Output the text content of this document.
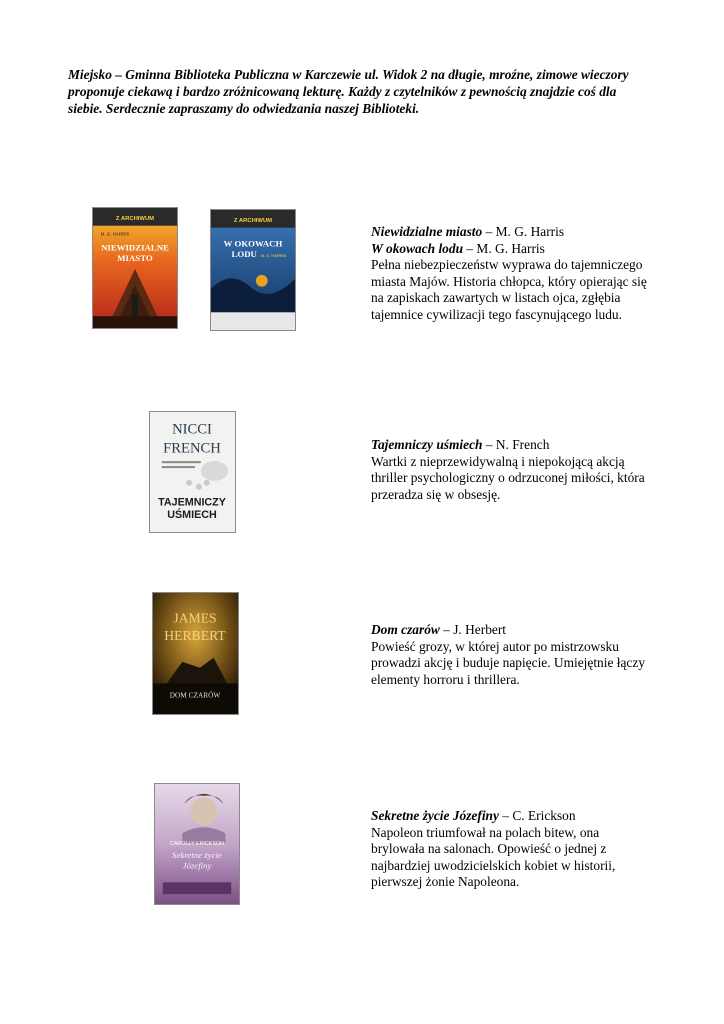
Miejsko – Gminna Biblioteka Publiczna w Karczewie ul. Widok 2 na długie, mroźne, zimowe wieczory proponuje ciekawą i bardzo zróżnicowaną lekturę. Każdy z czytelników z pewnością znajdzie coś dla siebie. Serdecznie zapraszamy do odwiedzania naszej Biblioteki.
Z ARCHIWUM
M. G. HARRIS
NIEWIDZIALNE
MIASTO
Z ARCHIWUM
W OKOWACH
LODU M. G. HARRIS

Niewidzialne miasto – M. G. Harris

W okowach lodu – M. G. Harris

Pełna niebezpieczeństw wyprawa do tajemniczego miasta Majów. Historia chłopca, który opierając się na zapiskach zawartych w listach ojca, zgłębia tajemnice cywilizacji tego fascynującego ludu.

NICCI
FRENCH
TAJEMNICZY
UŚMIECH

Tajemniczy uśmiech – N. French

Wartki z nieprzewidywalną i niepokojącą akcją thriller psychologiczny o odrzuconej miłości, która przeradza się w obsesję.

JAMES
HERBERT
DOM CZARÓW

Dom czarów – J. Herbert

Powieść grozy, w której autor po mistrzowsku prowadzi akcję i buduje napięcie. Umiejętnie łączy elementy horroru i thrillera.

CAROLLY ERICKSON
Sekretne życie
Józefiny

Sekretne życie Józefiny – C. Erickson

Napoleon triumfował na polach bitew, ona brylowała na salonach. Opowieść o jednej z najbardziej uwodzicielskich kobiet w historii, pierwszej żonie Napoleona.
